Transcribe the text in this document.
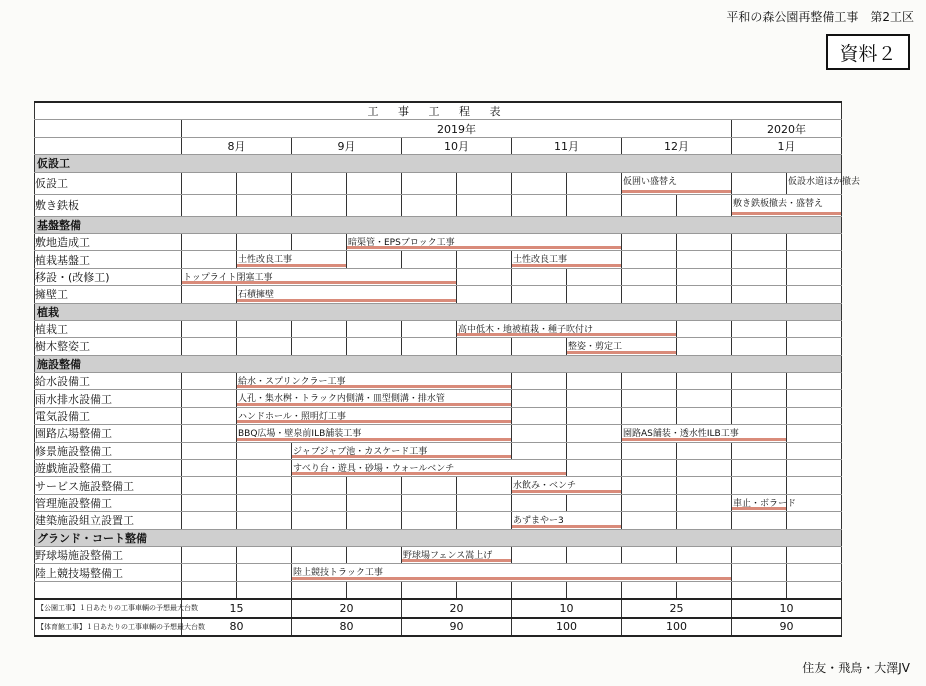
平和の森公園再整備工事　第2工区
資料２
工 事 工 程 表													
	2019年										2020年		
	8月		9月		10月		11月		12月		1月		
仮設工													
仮設工									仮囲い盛替え			仮設水道ほか撤去	

敷き鉄板											敷き鉄板撤去・盛替え		

基盤整備													
敷地造成工				暗渠管・EPSブロック工事									

植栽基盤工		土性改良工事					土性改良工事						

移設・(改修工)	トップライト閉塞工事												

擁壁工		石積擁壁											

植栽													
植栽工						高中低木・地被植栽・種子吹付け							

樹木整姿工								整姿・剪定工					

施設整備													
給水設備工		給水・スプリンクラー工事											

雨水排水設備工		人孔・集水桝・トラック内側溝・皿型側溝・排水管											

電気設備工		ハンドホール・照明灯工事											

園路広場整備工		BBQ広場・壁泉前ILB舗装工事							園路AS舗装・透水性ILB工事				

修景施設整備工			ジャブジャブ池・カスケード工事										

遊戯施設整備工			すべり台・遊具・砂場・ウォールベンチ										

サービス施設整備工							水飲み・ベンチ						

管理施設整備工											車止・ボラード		

建築施設組立設置工							あずまやー3						

グランド・コート整備													
野球場施設整備工					野球場フェンス嵩上げ								

陸上競技場整備工			陸上競技トラック工事										

【公園工事】１日あたりの工事車輌の予想最大台数	15		20		20		10		25		10		
【体育館工事】１日あたりの工事車輌の予想最大台数	80		80		90		100		100		90		
住友・飛鳥・大澤JV
